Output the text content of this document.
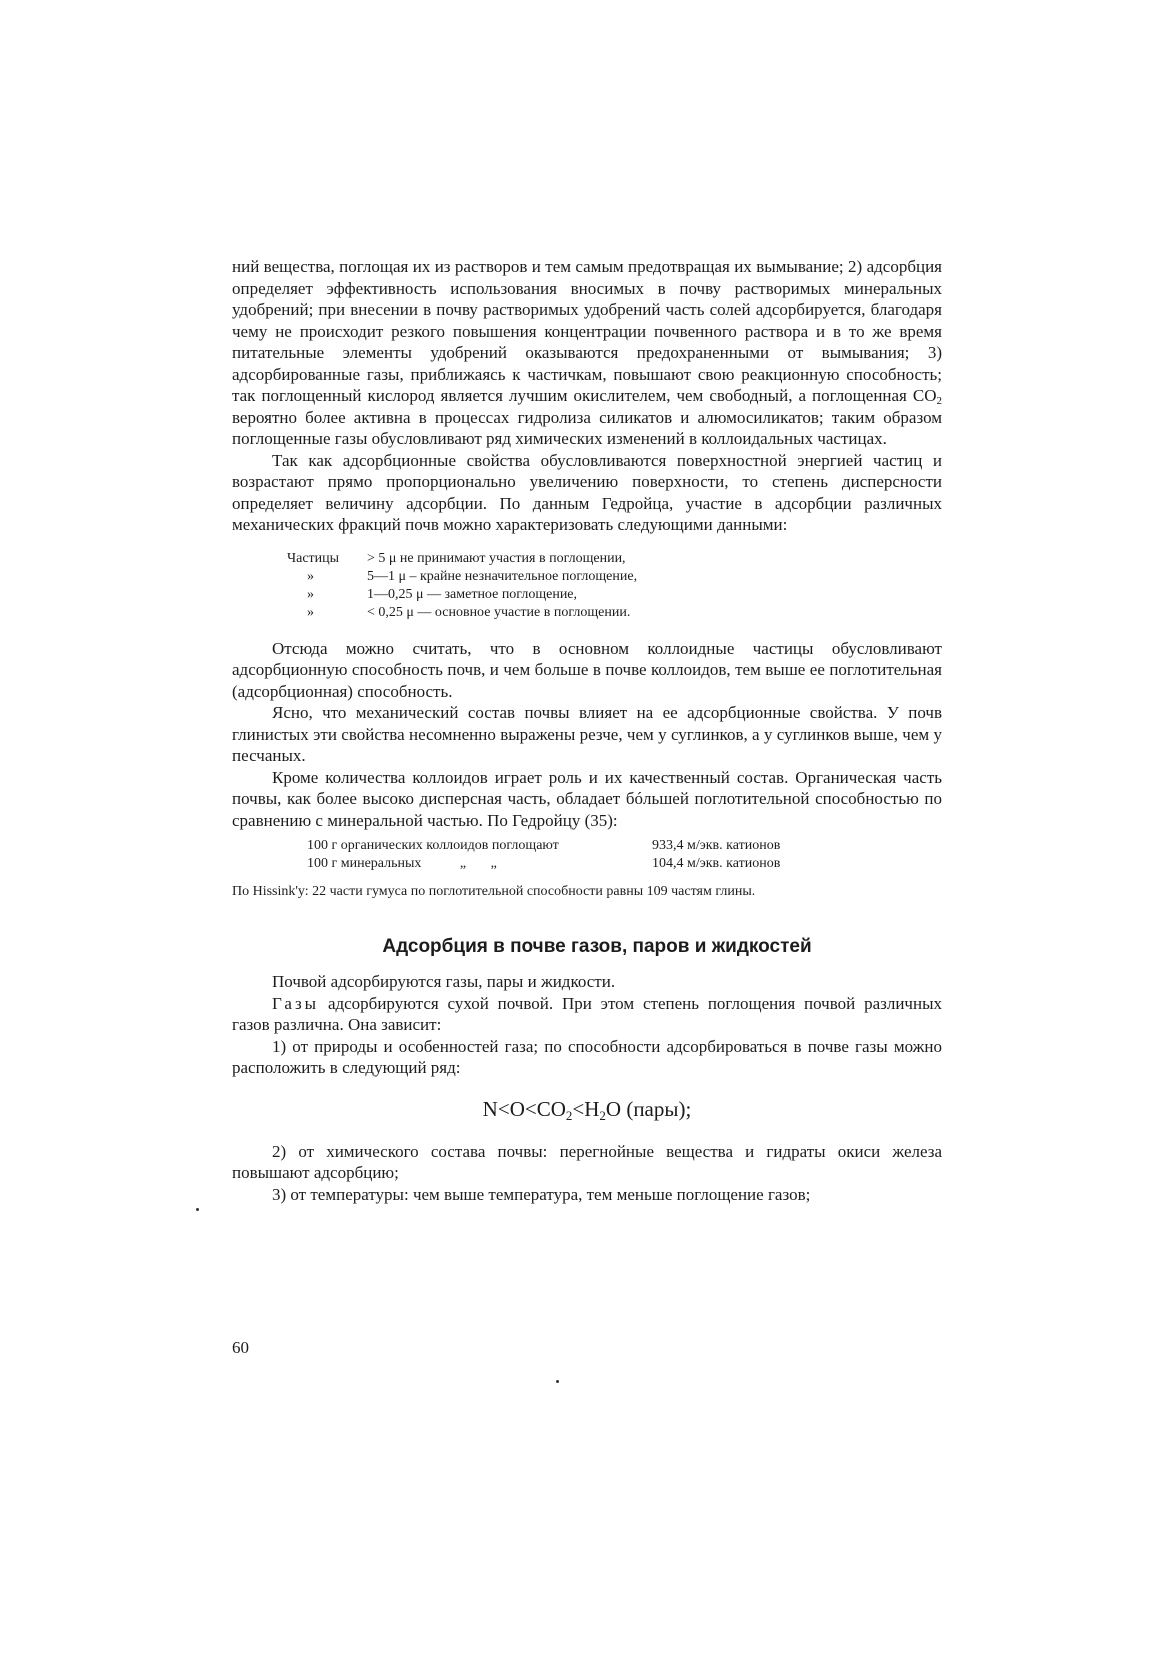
ний вещества, поглощая их из растворов и тем самым предотвращая их вымывание; 2) адсорбция определяет эффективность использования вносимых в почву растворимых минеральных удобрений; при внесении в почву растворимых удобрений часть солей адсорбируется, благодаря чему не происходит резкого повышения концентрации почвенного раствора и в то же время питательные элементы удобрений оказываются предохраненными от вымывания; 3) адсорбированные газы, приближаясь к частичкам, повышают свою реакционную способность; так поглощенный кислород является лучшим окислителем, чем свободный, а поглощенная $CO_2$ вероятно более активна в процессах гидролиза силикатов и алюмосиликатов; таким образом поглощенные газы обусловливают ряд химических изменений в коллоидальных частицах.

Так как адсорбционные свойства обусловливаются поверхностной энергией частиц и возрастают прямо пропорционально увеличению поверхности, то степень дисперсности определяет величину адсорбции. По данным Гедройца, участие в адсорбции различных механических фракций почв можно характеризовать следующими данными:

Частицы	> 5 μ не принимают участия в поглощении,
»	5—1 μ – крайне незначительное поглощение,
»	1—0,25 μ — заметное поглощение,
»	< 0,25 μ — основное участие в поглощении.

Отсюда можно считать, что в основном коллоидные частицы обусловливают адсорбционную способность почв, и чем больше в почве коллоидов, тем выше ее поглотительная (адсорбционная) способность.

Ясно, что механический состав почвы влияет на ее адсорбционные свойства. У почв глинистых эти свойства несомненно выражены резче, чем у суглинков, а у суглинков выше, чем у песчаных.

Кроме количества коллоидов играет роль и их качественный состав. Органическая часть почвы, как более высоко дисперсная часть, обладает бóльшей поглотительной способностью по сравнению с минеральной частью. По Гедройцу (35):

100 г органических коллоидов поглощают	933,4 м/экв. катионов
100 г минеральных           „       „	104,4 м/экв. катионов

По Hissink'у: 22 части гумуса по поглотительной способности равны 109 частям глины.

Адсорбция в почве газов, паров и жидкостей

Почвой адсорбируются газы, пары и жидкости.

Газы адсорбируются сухой почвой. При этом степень поглощения почвой различных газов различна. Она зависит:

1) от природы и особенностей газа; по способности адсорбироваться в почве газы можно расположить в следующий ряд:

$N<O<CO_2<H_2O$ (пары);

2) от химического состава почвы: перегнойные вещества и гидраты окиси железа повышают адсорбцию;

3) от температуры: чем выше температура, тем меньше поглощение газов;

60
